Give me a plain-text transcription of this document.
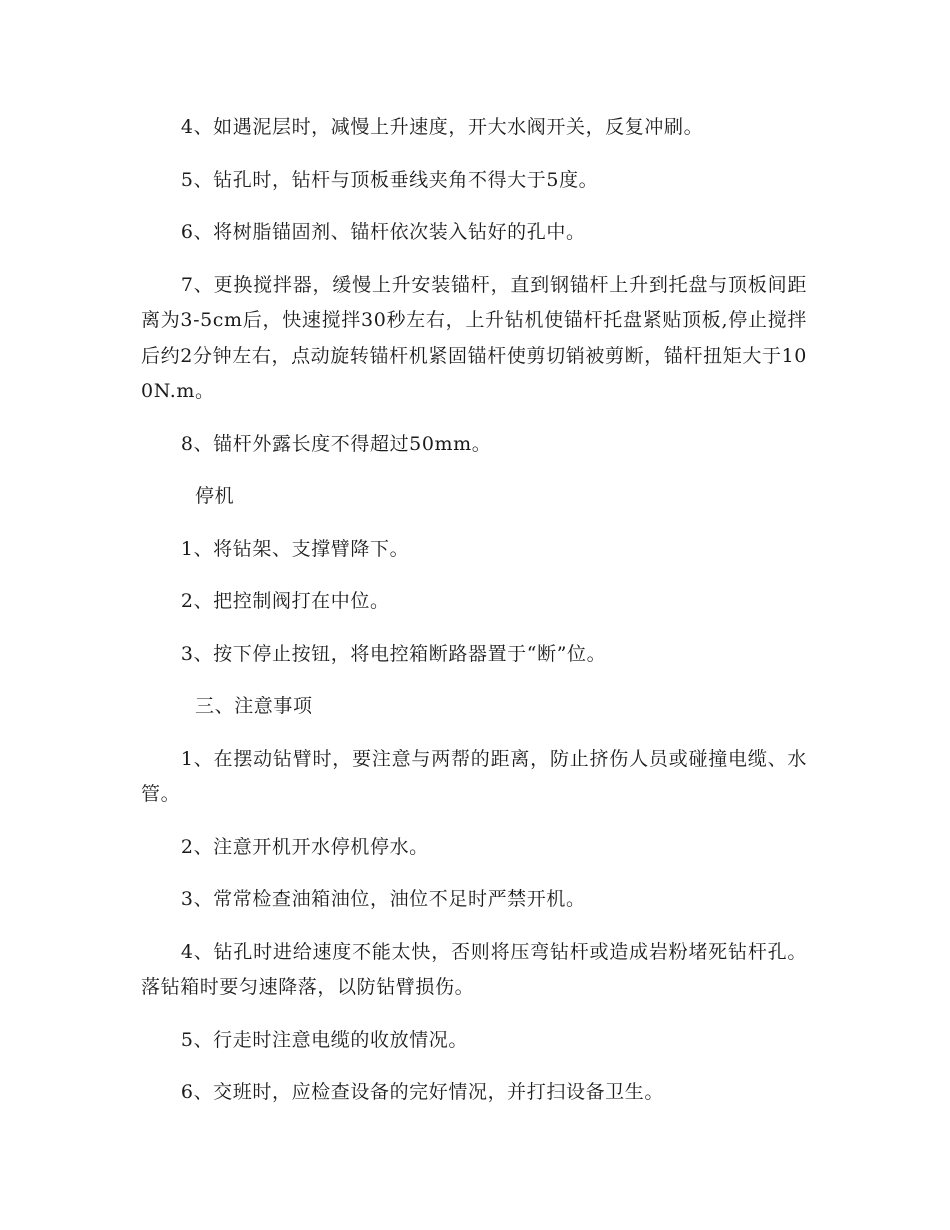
4、如遇泥层时，减慢上升速度，开大水阀开关，反复冲刷。

5、钻孔时，钻杆与顶板垂线夹角不得大于5度。

6、将树脂锚固剂、锚杆依次装入钻好的孔中。

7、更换搅拌器，缓慢上升安装锚杆，直到钢锚杆上升到托盘与顶板间距离为3-5cm后，快速搅拌30秒左右，上升钻机使锚杆托盘紧贴顶板,停止搅拌后约2分钟左右，点动旋转锚杆机紧固锚杆使剪切销被剪断，锚杆扭矩大于100N.m。

8、锚杆外露长度不得超过50mm。

停机

1、将钻架、支撑臂降下。

2、把控制阀打在中位。

3、按下停止按钮，将电控箱断路器置于“断”位。

三、注意事项

1、在摆动钻臂时，要注意与两帮的距离，防止挤伤人员或碰撞电缆、水管。

2、注意开机开水停机停水。

3、常常检查油箱油位，油位不足时严禁开机。

4、钻孔时进给速度不能太快，否则将压弯钻杆或造成岩粉堵死钻杆孔。落钻箱时要匀速降落，以防钻臂损伤。

5、行走时注意电缆的收放情况。

6、交班时，应检查设备的完好情况，并打扫设备卫生。
